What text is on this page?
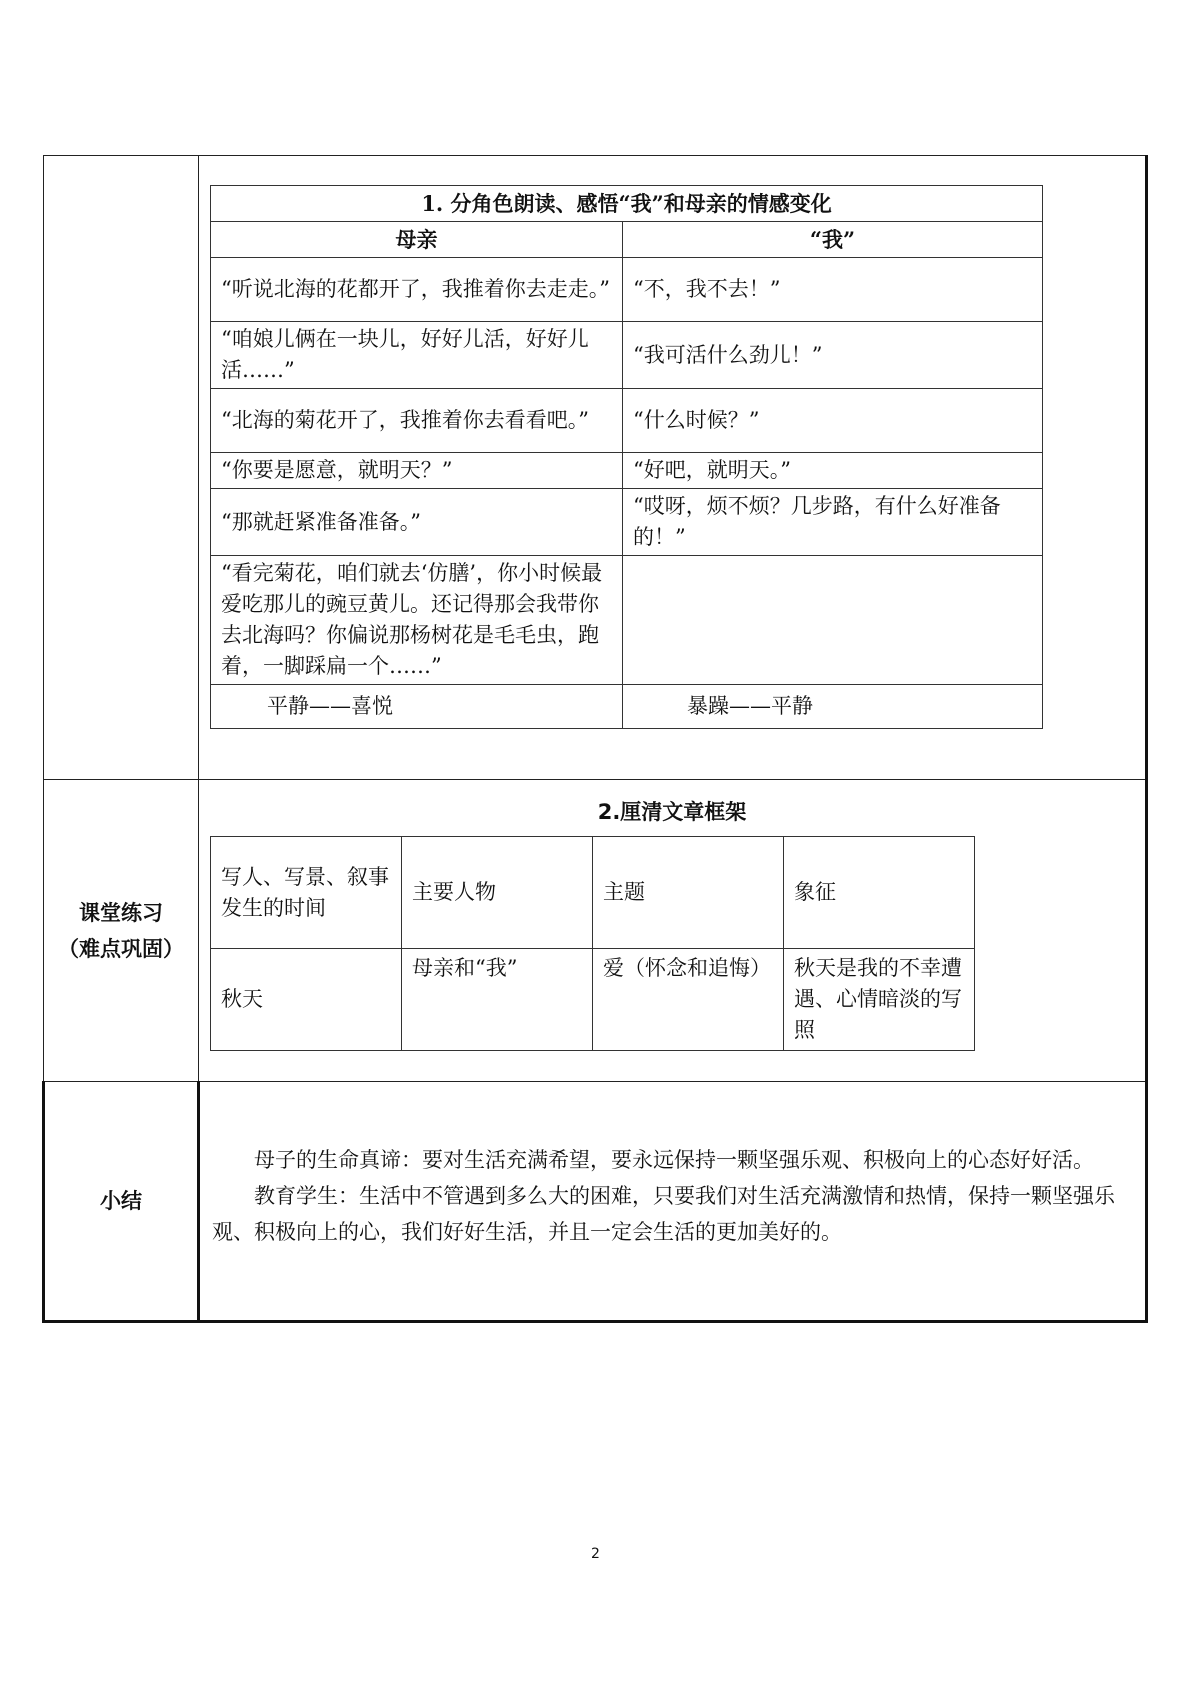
1. 分角色朗读、感悟“我”和母亲的情感变化
母亲	“我”
“听说北海的花都开了，我推着你去走走。”	“不，我不去！”
“咱娘儿俩在一块儿，好好儿活，好好儿活……”	“我可活什么劲儿！”
“北海的菊花开了，我推着你去看看吧。”	“什么时候？”
“你要是愿意，就明天？”	“好吧，就明天。”
“那就赶紧准备准备。”	“哎呀，烦不烦？几步路，有什么好准备的！”
“看完菊花，咱们就去‘仿膳’，你小时候最爱吃那儿的豌豆黄儿。还记得那会我带你去北海吗？你偏说那杨树花是毛毛虫，跑着，一脚踩扁一个……”	
平静——喜悦	暴躁——平静

课堂练习
（难点巩固）

2.厘清文章框架
写人、写景、叙事发生的时间	主要人物	主题	象征
秋天	母亲和“我”	爱（怀念和追悔）	秋天是我的不幸遭遇、心情暗淡的写照

小结	

母子的生命真谛：要对生活充满希望，要永远保持一颗坚强乐观、积极向上的心态好好活。

教育学生：生活中不管遇到多么大的困难，只要我们对生活充满激情和热情，保持一颗坚强乐观、积极向上的心，我们好好生活，并且一定会生活的更加美好的。

2
